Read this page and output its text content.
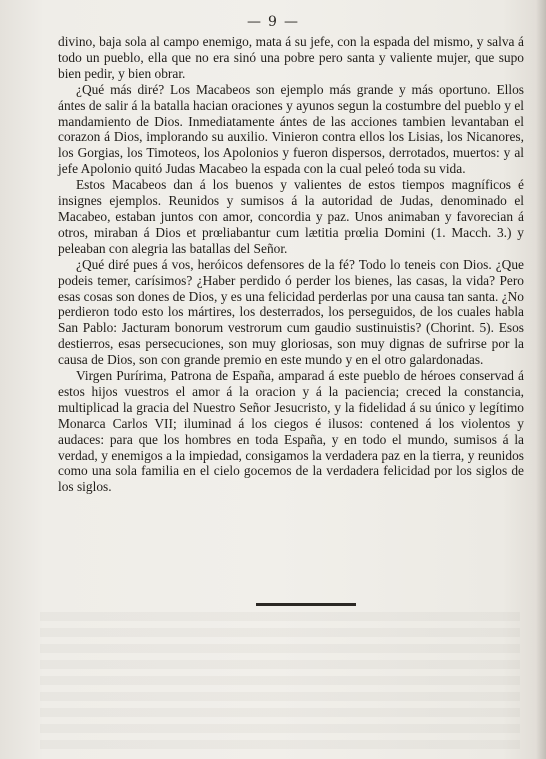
— 9 —

divino, baja sola al campo enemigo, mata á su jefe, con la espada del mismo, y salva á todo un pueblo, ella que no era sinó una pobre pero santa y valiente mujer, que supo bien pedir, y bien obrar.

¿Qué más diré? Los Macabeos son ejemplo más grande y más oportuno. Ellos ántes de salir á la batalla hacian oraciones y ayunos segun la costumbre del pueblo y el mandamiento de Dios. Inmediatamente ántes de las acciones tambien levantaban el corazon á Dios, implorando su auxilio. Vinieron contra ellos los Lisias, los Nicanores, los Gorgias, los Timoteos, los Apolonios y fueron dispersos, derrotados, muertos: y al jefe Apolonio quitó Judas Macabeo la espada con la cual peleó toda su vida.

Estos Macabeos dan á los buenos y valientes de estos tiempos magníficos é insignes ejemplos. Reunidos y sumisos á la autoridad de Judas, denominado el Macabeo, estaban juntos con amor, concordia y paz. Unos animaban y favorecian á otros, miraban á Dios et prœliabantur cum lætitia prœlia Domini (1. Macch. 3.) y peleaban con alegria las batallas del Señor.

¿Qué diré pues á vos, heróicos defensores de la fé? Todo lo teneis con Dios. ¿Que podeis temer, carísimos? ¿Haber perdido ó perder los bienes, las casas, la vida? Pero esas cosas son dones de Dios, y es una felicidad perderlas por una causa tan santa. ¿No perdieron todo esto los mártires, los desterrados, los perseguidos, de los cuales habla San Pablo: Jacturam bonorum vestrorum cum gaudio sustinuistis? (Chorint. 5). Esos destierros, esas persecuciones, son muy gloriosas, son muy dignas de sufrirse por la causa de Dios, son con grande premio en este mundo y en el otro galardonadas.

Virgen Purírima, Patrona de España, amparad á este pueblo de héroes conservad á estos hijos vuestros el amor á la oracion y á la paciencia; creced la constancia, multiplicad la gracia del Nuestro Señor Jesucristo, y la fidelidad á su único y legítimo Monarca Carlos VII; iluminad á los ciegos é ilusos: contened á los violentos y audaces: para que los hombres en toda España, y en todo el mundo, sumisos á la verdad, y enemigos a la impiedad, consigamos la verdadera paz en la tierra, y reunidos como una sola familia en el cielo gocemos de la verdadera felicidad por los siglos de los siglos.
